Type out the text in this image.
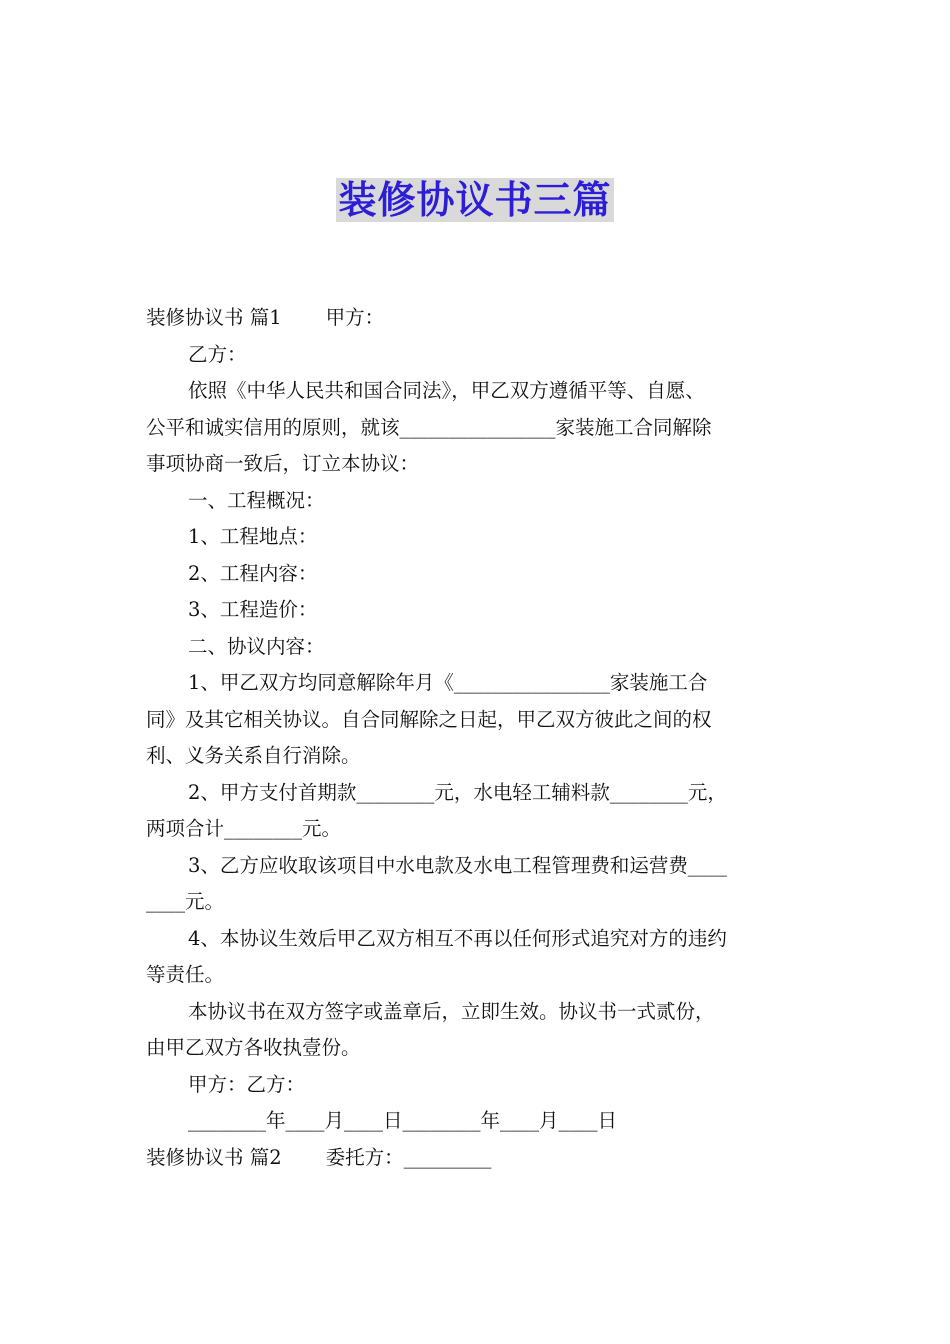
装修协议书三篇
装修协议书 篇1 甲方：
乙方：
依照《中华人民共和国合同法》，甲乙双方遵循平等、自愿、
公平和诚实信用的原则，就该________________家装施工合同解除
事项协商一致后，订立本协议：
一、工程概况：
1、工程地点：
2、工程内容：
3、工程造价：
二、协议内容：
1、甲乙双方均同意解除年月《________________家装施工合
同》及其它相关协议。自合同解除之日起，甲乙双方彼此之间的权
利、义务关系自行消除。
2、甲方支付首期款________元，水电轻工辅料款________元，
两项合计________元。
3、乙方应收取该项目中水电款及水电工程管理费和运营费____
____元。
4、本协议生效后甲乙双方相互不再以任何形式追究对方的违约
等责任。
本协议书在双方签字或盖章后，立即生效。协议书一式贰份，
由甲乙双方各收执壹份。
甲方：乙方：
________年____月____日________年____月____日
装修协议书 篇2 委托方：_________
